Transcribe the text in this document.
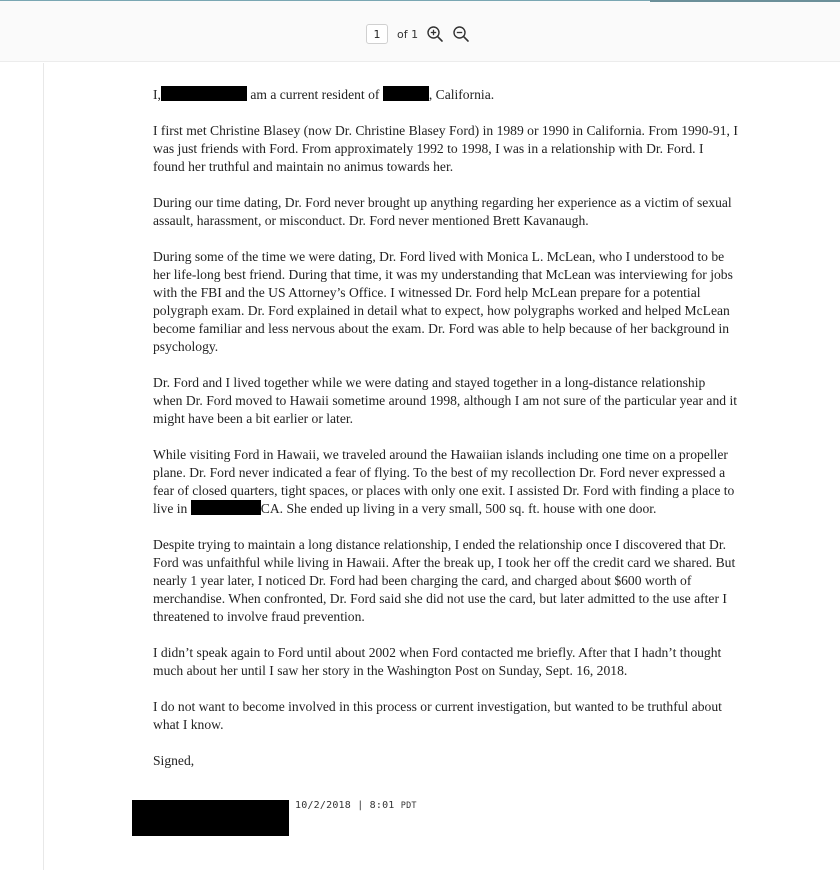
1
of 1

I,	am a current resident of	, California.

I first met Christine Blasey (now Dr. Christine Blasey Ford) in 1989 or 1990 in California. From 1990-91, I was just friends with Ford. From approximately 1992 to 1998, I was in a relationship with Dr. Ford. I found her truthful and maintain no animus towards her.

During our time dating, Dr. Ford never brought up anything regarding her experience as a victim of sexual assault, harassment, or misconduct. Dr. Ford never mentioned Brett Kavanaugh.

During some of the time we were dating, Dr. Ford lived with Monica L. McLean, who I understood to be her life-long best friend. During that time, it was my understanding that McLean was interviewing for jobs with the FBI and the US Attorney’s Office. I witnessed Dr. Ford help McLean prepare for a potential polygraph exam. Dr. Ford explained in detail what to expect, how polygraphs worked and helped McLean become familiar and less nervous about the exam. Dr. Ford was able to help because of her background in psychology.

Dr. Ford and I lived together while we were dating and stayed together in a long-distance relationship when Dr. Ford moved to Hawaii sometime around 1998, although I am not sure of the particular year and it might have been a bit earlier or later.

While visiting Ford in Hawaii, we traveled around the Hawaiian islands including one time on a propeller plane. Dr. Ford never indicated a fear of flying. To the best of my recollection Dr. Ford never expressed a fear of closed quarters, tight spaces, or places with only one exit. I assisted Dr. Ford with finding a place to live in	CA. She ended up living in a very small, 500 sq. ft. house with one door.

Despite trying to maintain a long distance relationship, I ended the relationship once I discovered that Dr. Ford was unfaithful while living in Hawaii. After the break up, I took her off the credit card we shared. But nearly 1 year later, I noticed Dr. Ford had been charging the card, and charged about $600 worth of merchandise. When confronted, Dr. Ford said she did not use the card, but later admitted to the use after I threatened to involve fraud prevention.

I didn’t speak again to Ford until about 2002 when Ford contacted me briefly. After that I hadn’t thought much about her until I saw her story in the Washington Post on Sunday, Sept. 16, 2018.

I do not want to become involved in this process or current investigation, but wanted to be truthful about what I know.

Signed,

10/2/2018 | 8:01 PDT
